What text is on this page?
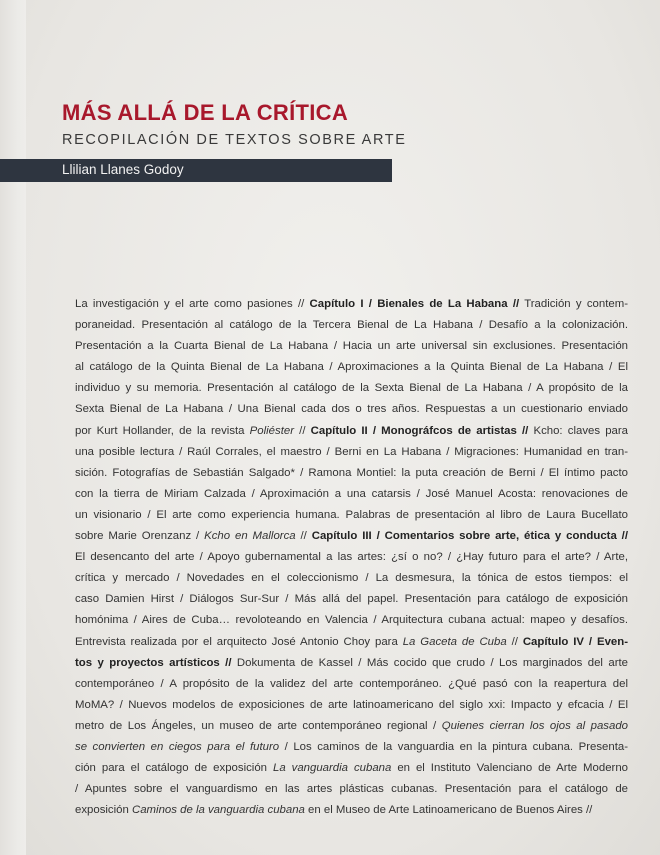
MÁS ALLÁ DE LA CRÍTICA
RECOPILACIÓN DE TEXTOS SOBRE ARTE
Llilian Llanes Godoy
La investigación y el arte como pasiones // Capítulo I / Bienales de La Habana // Tradición y contem-
poraneidad. Presentación al catálogo de la Tercera Bienal de La Habana / Desafío a la colonización.
Presentación a la Cuarta Bienal de La Habana / Hacia un arte universal sin exclusiones. Presentación
al catálogo de la Quinta Bienal de La Habana / Aproximaciones a la Quinta Bienal de La Habana / El
individuo y su memoria. Presentación al catálogo de la Sexta Bienal de La Habana / A propósito de la
Sexta Bienal de La Habana / Una Bienal cada dos o tres años. Respuestas a un cuestionario enviado
por Kurt Hollander, de la revista Poliéster // Capítulo II / Monográfcos de artistas // Kcho: claves para
una posible lectura / Raúl Corrales, el maestro / Berni en La Habana / Migraciones: Humanidad en tran-
sición. Fotografías de Sebastián Salgado* / Ramona Montiel: la puta creación de Berni / El íntimo pacto
con la tierra de Miriam Calzada / Aproximación a una catarsis / José Manuel Acosta: renovaciones de
un visionario / El arte como experiencia humana. Palabras de presentación al libro de Laura Bucellato
sobre Marie Orenzanz / Kcho en Mallorca // Capítulo III / Comentarios sobre arte, ética y conducta //
El desencanto del arte / Apoyo gubernamental a las artes: ¿sí o no? / ¿Hay futuro para el arte? / Arte,
crítica y mercado / Novedades en el coleccionismo / La desmesura, la tónica de estos tiempos: el
caso Damien Hirst / Diálogos Sur-Sur / Más allá del papel. Presentación para catálogo de exposición
homónima / Aires de Cuba… revoloteando en Valencia / Arquitectura cubana actual: mapeo y desafíos.
Entrevista realizada por el arquitecto José Antonio Choy para La Gaceta de Cuba // Capítulo IV / Even-
tos y proyectos artísticos // Dokumenta de Kassel / Más cocido que crudo / Los marginados del arte
contemporáneo / A propósito de la validez del arte contemporáneo. ¿Qué pasó con la reapertura del
MoMA? / Nuevos modelos de exposiciones de arte latinoamericano del siglo xxi: Impacto y efcacia / El
metro de Los Ángeles, un museo de arte contemporáneo regional / Quienes cierran los ojos al pasado
se convierten en ciegos para el futuro / Los caminos de la vanguardia en la pintura cubana. Presenta-
ción para el catálogo de exposición La vanguardia cubana en el Instituto Valenciano de Arte Moderno
/ Apuntes sobre el vanguardismo en las artes plásticas cubanas. Presentación para el catálogo de
exposición Caminos de la vanguardia cubana en el Museo de Arte Latinoamericano de Buenos Aires //
